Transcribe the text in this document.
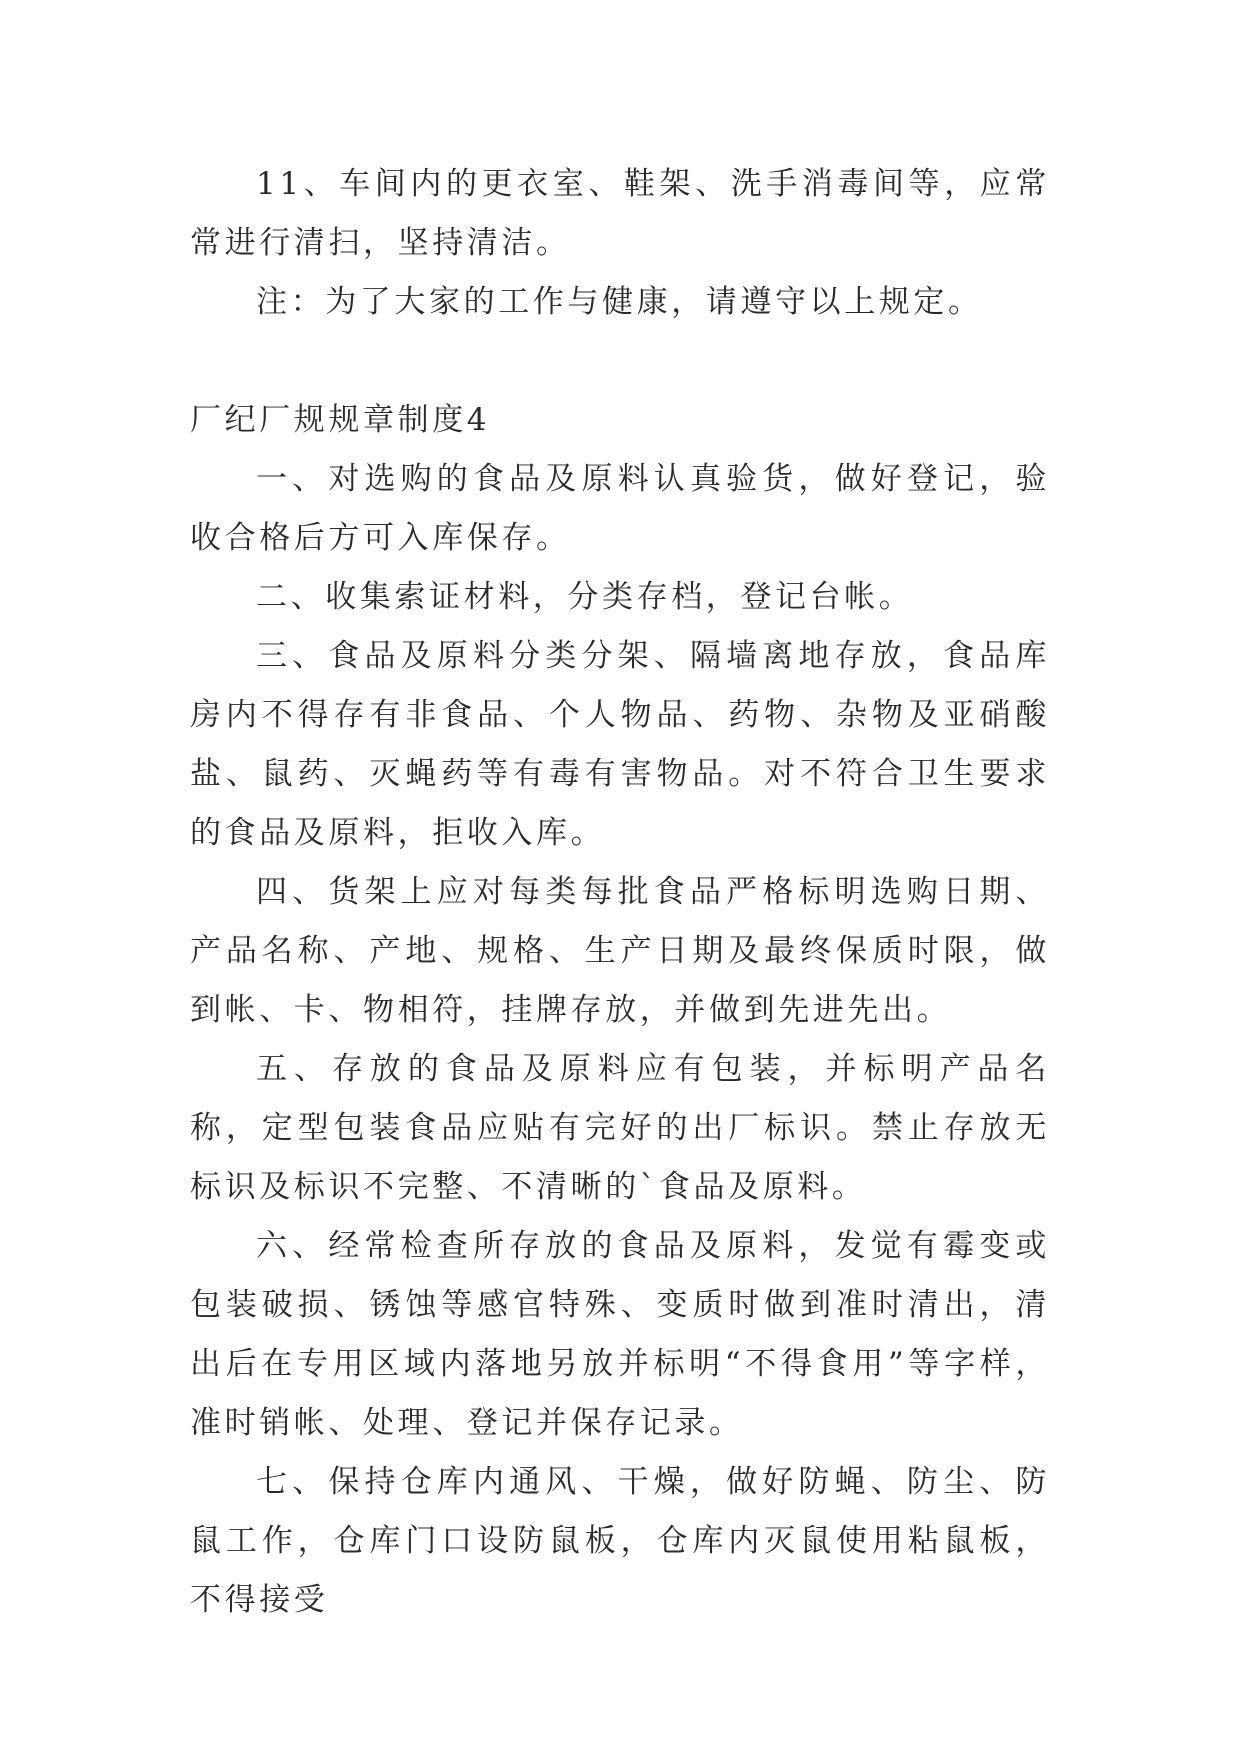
11、车间内的更衣室、鞋架、洗手消毒间等，应常常进行清扫，坚持清洁。

注：为了大家的工作与健康，请遵守以上规定。

厂纪厂规规章制度4

一、对选购的食品及原料认真验货，做好登记，验收合格后方可入库保存。

二、收集索证材料，分类存档，登记台帐。

三、食品及原料分类分架、隔墙离地存放，食品库房内不得存有非食品、个人物品、药物、杂物及亚硝酸盐、鼠药、灭蝇药等有毒有害物品。对不符合卫生要求的食品及原料，拒收入库。

四、货架上应对每类每批食品严格标明选购日期、产品名称、产地、规格、生产日期及最终保质时限，做到帐、卡、物相符，挂牌存放，并做到先进先出。

五、存放的食品及原料应有包装，并标明产品名称，定型包装食品应贴有完好的出厂标识。禁止存放无标识及标识不完整、不清晰的`食品及原料。

六、经常检查所存放的食品及原料，发觉有霉变或包装破损、锈蚀等感官特殊、变质时做到准时清出，清出后在专用区域内落地另放并标明“不得食用”等字样，准时销帐、处理、登记并保存记录。

七、保持仓库内通风、干燥，做好防蝇、防尘、防鼠工作，仓库门口设防鼠板，仓库内灭鼠使用粘鼠板，不得接受
